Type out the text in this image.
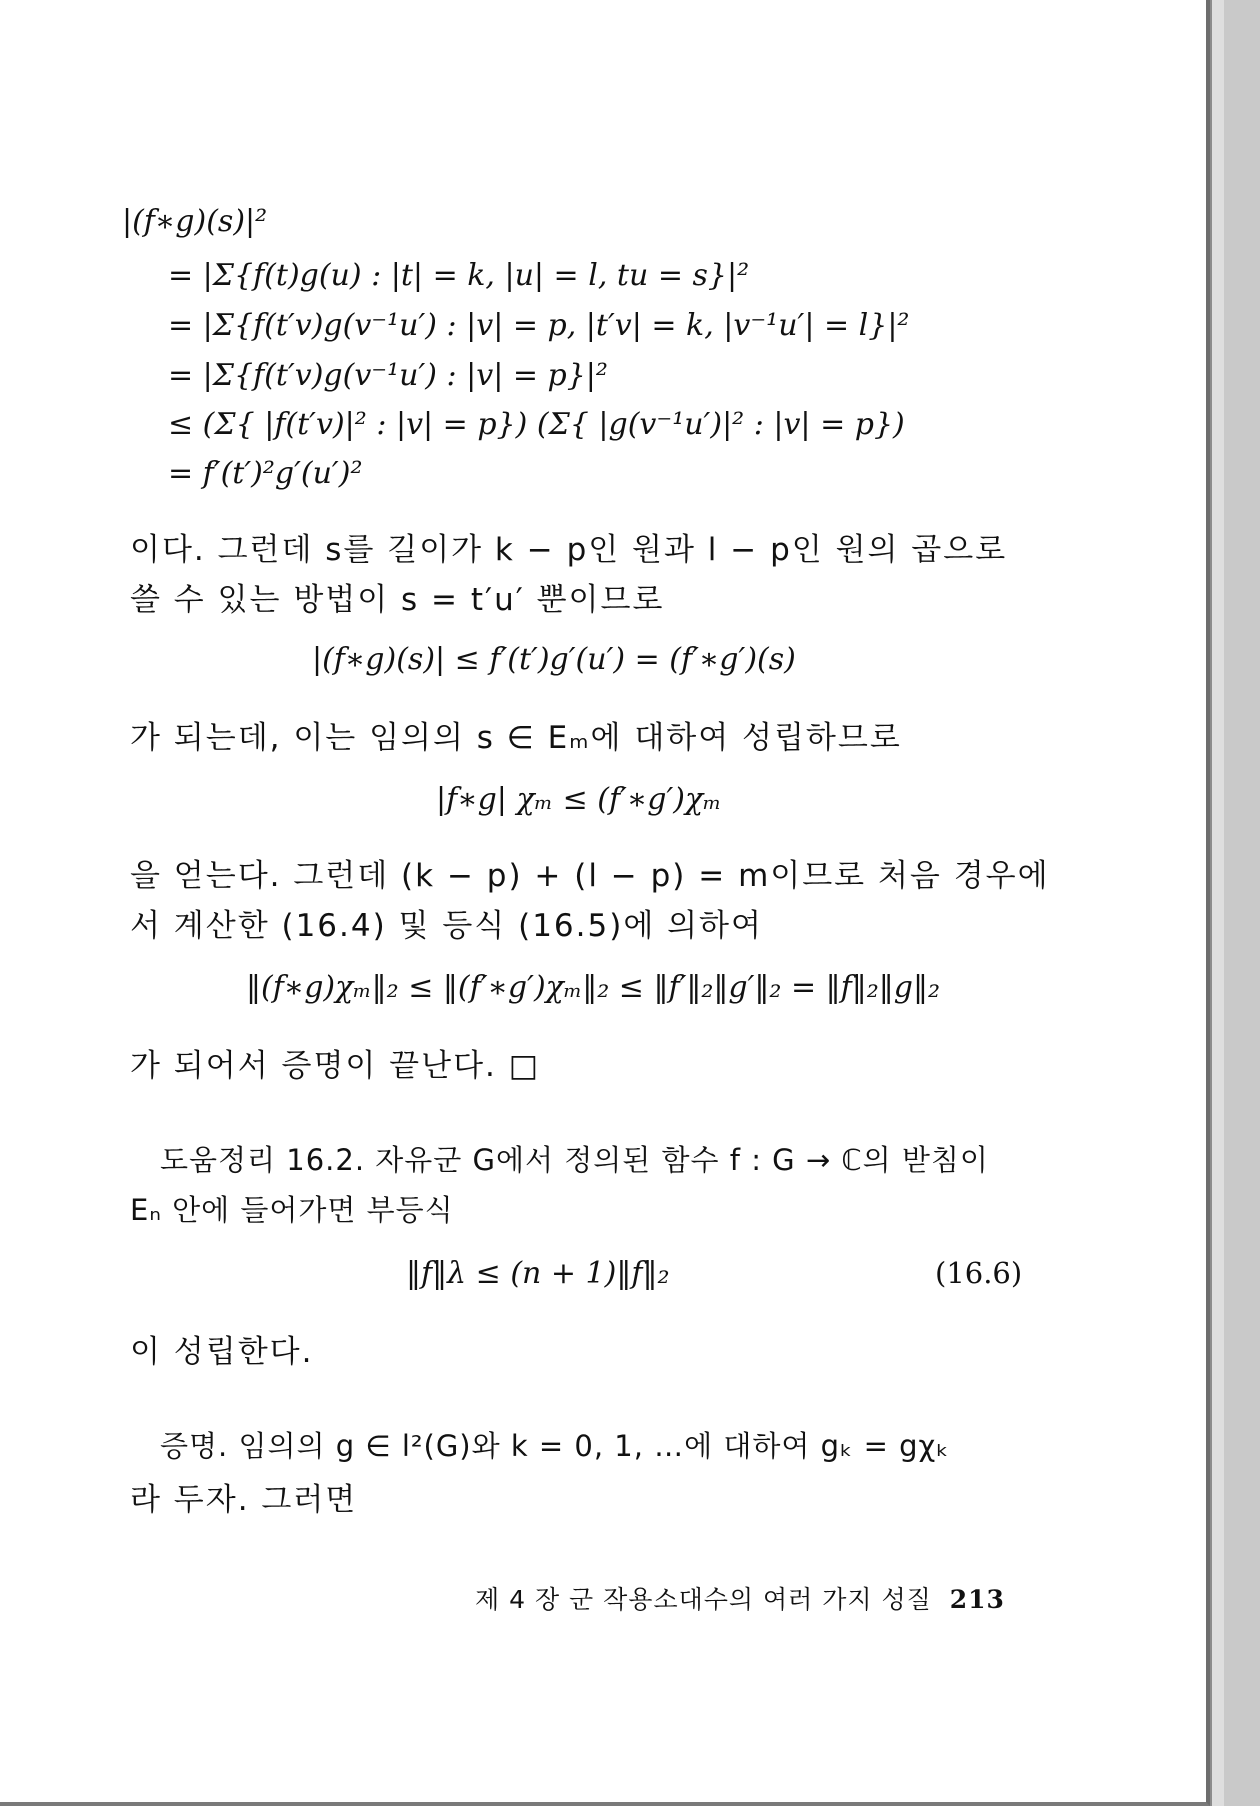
|(f∗g)(s)|²
= |Σ{f(t)g(u) : |t| = k, |u| = l, tu = s}|²
= |Σ{f(t′v)g(v⁻¹u′) : |v| = p, |t′v| = k, |v⁻¹u′| = l}|²
= |Σ{f(t′v)g(v⁻¹u′) : |v| = p}|²
≤ (Σ{ |f(t′v)|² : |v| = p}) (Σ{ |g(v⁻¹u′)|² : |v| = p})
= f′(t′)²g′(u′)²
이다. 그런데 s를 길이가 k − p인 원과 l − p인 원의 곱으로
쓸 수 있는 방법이 s = t′u′ 뿐이므로
|(f∗g)(s)| ≤ f′(t′)g′(u′) = (f′∗g′)(s)
가 되는데, 이는 임의의 s ∈ Eₘ에 대하여 성립하므로
|f∗g| χₘ ≤ (f′∗g′)χₘ
을 얻는다. 그런데 (k − p) + (l − p) = m이므로 처음 경우에
서 계산한 (16.4) 및 등식 (16.5)에 의하여
‖(f∗g)χₘ‖₂ ≤ ‖(f′∗g′)χₘ‖₂ ≤ ‖f′‖₂‖g′‖₂ = ‖f‖₂‖g‖₂
가 되어서 증명이 끝난다. □
도움정리 16.2. 자유군 G에서 정의된 함수 f : G → ℂ의 받침이
Eₙ 안에 들어가면 부등식
‖f‖λ ≤ (n + 1)‖f‖₂	(16.6)
이 성립한다.
증명. 임의의 g ∈ l²(G)와 k = 0, 1, …에 대하여 gₖ = gχₖ
라 두자. 그러면
제 4 장 군 작용소대수의 여러 가지 성질 213
